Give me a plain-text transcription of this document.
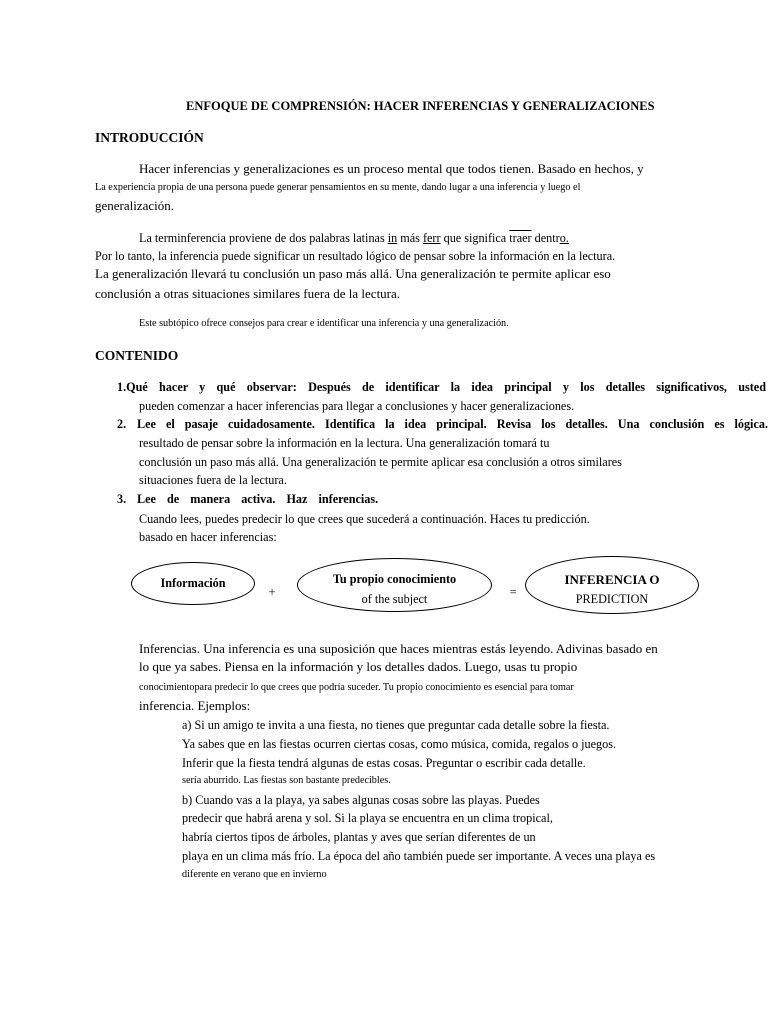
ENFOQUE DE COMPRENSIÓN: HACER INFERENCIAS Y GENERALIZACIONES
INTRODUCCIÓN
Hacer inferencias y generalizaciones es un proceso mental que todos tienen. Basado en hechos, y
La experiencia propia de una persona puede generar pensamientos en su mente, dando lugar a una inferencia y luego el
generalización.
La terminferencia proviene de dos palabras latinas in más ferr que significa traer dentro.
Por lo tanto, la inferencia puede significar un resultado lógico de pensar sobre la información en la lectura.
La generalización llevará tu conclusión un paso más allá. Una generalización te permite aplicar eso
conclusión a otras situaciones similares fuera de la lectura.
Este subtópico ofrece consejos para crear e identificar una inferencia y una generalización.
CONTENIDO
1.Qué hacer y qué observar: Después de identificar la idea principal y los detalles significativos, usted
pueden comenzar a hacer inferencias para llegar a conclusiones y hacer generalizaciones.
2. Lee el pasaje cuidadosamente. Identifica la idea principal. Revisa los detalles. Una conclusión es lógica.
resultado de pensar sobre la información en la lectura. Una generalización tomará tu
conclusión un paso más allá. Una generalización te permite aplicar esa conclusión a otros similares
situaciones fuera de la lectura.
3. Lee de manera activa. Haz inferencias.
Cuando lees, puedes predecir lo que crees que sucederá a continuación. Haces tu predicción.
basado en hacer inferencias:
Información
+
Tu propio conocimiento
of the subject	=
INFERENCIA O
PREDICTION
Inferencias. Una inferencia es una suposición que haces mientras estás leyendo. Adivinas basado en
lo que ya sabes. Piensa en la información y los detalles dados. Luego, usas tu propio
conocimientopara predecir lo que crees que podría suceder. Tu propio conocimiento es esencial para tomar
inferencia. Ejemplos:
a) Si un amigo te invita a una fiesta, no tienes que preguntar cada detalle sobre la fiesta.
Ya sabes que en las fiestas ocurren ciertas cosas, como música, comida, regalos o juegos.
Inferir que la fiesta tendrá algunas de estas cosas. Preguntar o escribir cada detalle.
sería aburrido. Las fiestas son bastante predecibles.
b) Cuando vas a la playa, ya sabes algunas cosas sobre las playas. Puedes
predecir que habrá arena y sol. Si la playa se encuentra en un clima tropical,
habría ciertos tipos de árboles, plantas y aves que serían diferentes de un
playa en un clima más frío. La época del año también puede ser importante. A veces una playa es
diferente en verano que en invierno
